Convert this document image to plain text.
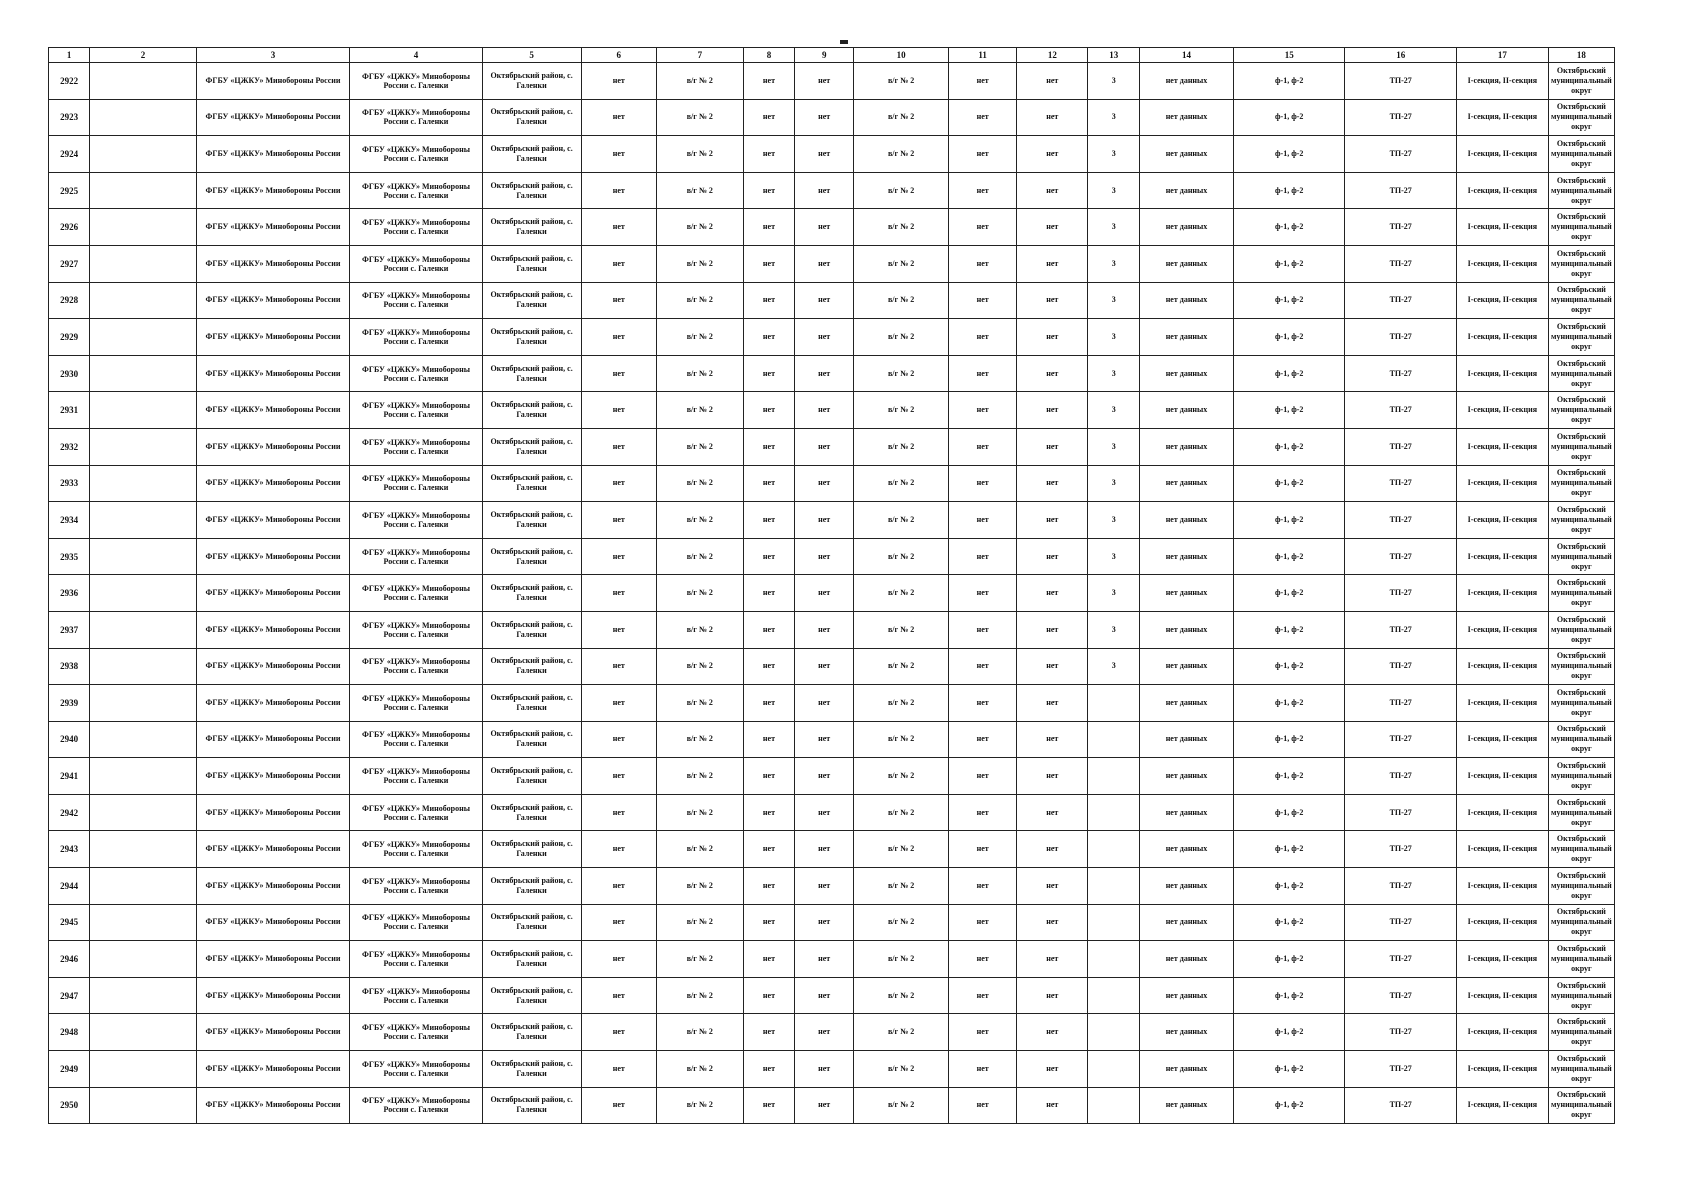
1	2	3	4	5	6	7	8	9	10	11	12	13	14	15	16	17	18
2922		ФГБУ «ЦЖКУ» Минобороны России	ФГБУ «ЦЖКУ» Минобороны России с. Галенки	Октябрьский район, с. Галенки	нет	в/г № 2	нет	нет	в/г № 2	нет	нет	3	нет данных	ф-1, ф-2	ТП-27	I-секция, II-секция	Октябрьский муниципальный округ
2923		ФГБУ «ЦЖКУ» Минобороны России	ФГБУ «ЦЖКУ» Минобороны России с. Галенки	Октябрьский район, с. Галенки	нет	в/г № 2	нет	нет	в/г № 2	нет	нет	3	нет данных	ф-1, ф-2	ТП-27	I-секция, II-секция	Октябрьский муниципальный округ
2924		ФГБУ «ЦЖКУ» Минобороны России	ФГБУ «ЦЖКУ» Минобороны России с. Галенки	Октябрьский район, с. Галенки	нет	в/г № 2	нет	нет	в/г № 2	нет	нет	3	нет данных	ф-1, ф-2	ТП-27	I-секция, II-секция	Октябрьский муниципальный округ
2925		ФГБУ «ЦЖКУ» Минобороны России	ФГБУ «ЦЖКУ» Минобороны России с. Галенки	Октябрьский район, с. Галенки	нет	в/г № 2	нет	нет	в/г № 2	нет	нет	3	нет данных	ф-1, ф-2	ТП-27	I-секция, II-секция	Октябрьский муниципальный округ
2926		ФГБУ «ЦЖКУ» Минобороны России	ФГБУ «ЦЖКУ» Минобороны России с. Галенки	Октябрьский район, с. Галенки	нет	в/г № 2	нет	нет	в/г № 2	нет	нет	3	нет данных	ф-1, ф-2	ТП-27	I-секция, II-секция	Октябрьский муниципальный округ
2927		ФГБУ «ЦЖКУ» Минобороны России	ФГБУ «ЦЖКУ» Минобороны России с. Галенки	Октябрьский район, с. Галенки	нет	в/г № 2	нет	нет	в/г № 2	нет	нет	3	нет данных	ф-1, ф-2	ТП-27	I-секция, II-секция	Октябрьский муниципальный округ
2928		ФГБУ «ЦЖКУ» Минобороны России	ФГБУ «ЦЖКУ» Минобороны России с. Галенки	Октябрьский район, с. Галенки	нет	в/г № 2	нет	нет	в/г № 2	нет	нет	3	нет данных	ф-1, ф-2	ТП-27	I-секция, II-секция	Октябрьский муниципальный округ
2929		ФГБУ «ЦЖКУ» Минобороны России	ФГБУ «ЦЖКУ» Минобороны России с. Галенки	Октябрьский район, с. Галенки	нет	в/г № 2	нет	нет	в/г № 2	нет	нет	3	нет данных	ф-1, ф-2	ТП-27	I-секция, II-секция	Октябрьский муниципальный округ
2930		ФГБУ «ЦЖКУ» Минобороны России	ФГБУ «ЦЖКУ» Минобороны России с. Галенки	Октябрьский район, с. Галенки	нет	в/г № 2	нет	нет	в/г № 2	нет	нет	3	нет данных	ф-1, ф-2	ТП-27	I-секция, II-секция	Октябрьский муниципальный округ
2931		ФГБУ «ЦЖКУ» Минобороны России	ФГБУ «ЦЖКУ» Минобороны России с. Галенки	Октябрьский район, с. Галенки	нет	в/г № 2	нет	нет	в/г № 2	нет	нет	3	нет данных	ф-1, ф-2	ТП-27	I-секция, II-секция	Октябрьский муниципальный округ
2932		ФГБУ «ЦЖКУ» Минобороны России	ФГБУ «ЦЖКУ» Минобороны России с. Галенки	Октябрьский район, с. Галенки	нет	в/г № 2	нет	нет	в/г № 2	нет	нет	3	нет данных	ф-1, ф-2	ТП-27	I-секция, II-секция	Октябрьский муниципальный округ
2933		ФГБУ «ЦЖКУ» Минобороны России	ФГБУ «ЦЖКУ» Минобороны России с. Галенки	Октябрьский район, с. Галенки	нет	в/г № 2	нет	нет	в/г № 2	нет	нет	3	нет данных	ф-1, ф-2	ТП-27	I-секция, II-секция	Октябрьский муниципальный округ
2934		ФГБУ «ЦЖКУ» Минобороны России	ФГБУ «ЦЖКУ» Минобороны России с. Галенки	Октябрьский район, с. Галенки	нет	в/г № 2	нет	нет	в/г № 2	нет	нет	3	нет данных	ф-1, ф-2	ТП-27	I-секция, II-секция	Октябрьский муниципальный округ
2935		ФГБУ «ЦЖКУ» Минобороны России	ФГБУ «ЦЖКУ» Минобороны России с. Галенки	Октябрьский район, с. Галенки	нет	в/г № 2	нет	нет	в/г № 2	нет	нет	3	нет данных	ф-1, ф-2	ТП-27	I-секция, II-секция	Октябрьский муниципальный округ
2936		ФГБУ «ЦЖКУ» Минобороны России	ФГБУ «ЦЖКУ» Минобороны России с. Галенки	Октябрьский район, с. Галенки	нет	в/г № 2	нет	нет	в/г № 2	нет	нет	3	нет данных	ф-1, ф-2	ТП-27	I-секция, II-секция	Октябрьский муниципальный округ
2937		ФГБУ «ЦЖКУ» Минобороны России	ФГБУ «ЦЖКУ» Минобороны России с. Галенки	Октябрьский район, с. Галенки	нет	в/г № 2	нет	нет	в/г № 2	нет	нет	3	нет данных	ф-1, ф-2	ТП-27	I-секция, II-секция	Октябрьский муниципальный округ
2938		ФГБУ «ЦЖКУ» Минобороны России	ФГБУ «ЦЖКУ» Минобороны России с. Галенки	Октябрьский район, с. Галенки	нет	в/г № 2	нет	нет	в/г № 2	нет	нет	3	нет данных	ф-1, ф-2	ТП-27	I-секция, II-секция	Октябрьский муниципальный округ
2939		ФГБУ «ЦЖКУ» Минобороны России	ФГБУ «ЦЖКУ» Минобороны России с. Галенки	Октябрьский район, с. Галенки	нет	в/г № 2	нет	нет	в/г № 2	нет	нет		нет данных	ф-1, ф-2	ТП-27	I-секция, II-секция	Октябрьский муниципальный округ
2940		ФГБУ «ЦЖКУ» Минобороны России	ФГБУ «ЦЖКУ» Минобороны России с. Галенки	Октябрьский район, с. Галенки	нет	в/г № 2	нет	нет	в/г № 2	нет	нет		нет данных	ф-1, ф-2	ТП-27	I-секция, II-секция	Октябрьский муниципальный округ
2941		ФГБУ «ЦЖКУ» Минобороны России	ФГБУ «ЦЖКУ» Минобороны России с. Галенки	Октябрьский район, с. Галенки	нет	в/г № 2	нет	нет	в/г № 2	нет	нет		нет данных	ф-1, ф-2	ТП-27	I-секция, II-секция	Октябрьский муниципальный округ
2942		ФГБУ «ЦЖКУ» Минобороны России	ФГБУ «ЦЖКУ» Минобороны России с. Галенки	Октябрьский район, с. Галенки	нет	в/г № 2	нет	нет	в/г № 2	нет	нет		нет данных	ф-1, ф-2	ТП-27	I-секция, II-секция	Октябрьский муниципальный округ
2943		ФГБУ «ЦЖКУ» Минобороны России	ФГБУ «ЦЖКУ» Минобороны России с. Галенки	Октябрьский район, с. Галенки	нет	в/г № 2	нет	нет	в/г № 2	нет	нет		нет данных	ф-1, ф-2	ТП-27	I-секция, II-секция	Октябрьский муниципальный округ
2944		ФГБУ «ЦЖКУ» Минобороны России	ФГБУ «ЦЖКУ» Минобороны России с. Галенки	Октябрьский район, с. Галенки	нет	в/г № 2	нет	нет	в/г № 2	нет	нет		нет данных	ф-1, ф-2	ТП-27	I-секция, II-секция	Октябрьский муниципальный округ
2945		ФГБУ «ЦЖКУ» Минобороны России	ФГБУ «ЦЖКУ» Минобороны России с. Галенки	Октябрьский район, с. Галенки	нет	в/г № 2	нет	нет	в/г № 2	нет	нет		нет данных	ф-1, ф-2	ТП-27	I-секция, II-секция	Октябрьский муниципальный округ
2946		ФГБУ «ЦЖКУ» Минобороны России	ФГБУ «ЦЖКУ» Минобороны России с. Галенки	Октябрьский район, с. Галенки	нет	в/г № 2	нет	нет	в/г № 2	нет	нет		нет данных	ф-1, ф-2	ТП-27	I-секция, II-секция	Октябрьский муниципальный округ
2947		ФГБУ «ЦЖКУ» Минобороны России	ФГБУ «ЦЖКУ» Минобороны России с. Галенки	Октябрьский район, с. Галенки	нет	в/г № 2	нет	нет	в/г № 2	нет	нет		нет данных	ф-1, ф-2	ТП-27	I-секция, II-секция	Октябрьский муниципальный округ
2948		ФГБУ «ЦЖКУ» Минобороны России	ФГБУ «ЦЖКУ» Минобороны России с. Галенки	Октябрьский район, с. Галенки	нет	в/г № 2	нет	нет	в/г № 2	нет	нет		нет данных	ф-1, ф-2	ТП-27	I-секция, II-секция	Октябрьский муниципальный округ
2949		ФГБУ «ЦЖКУ» Минобороны России	ФГБУ «ЦЖКУ» Минобороны России с. Галенки	Октябрьский район, с. Галенки	нет	в/г № 2	нет	нет	в/г № 2	нет	нет		нет данных	ф-1, ф-2	ТП-27	I-секция, II-секция	Октябрьский муниципальный округ
2950		ФГБУ «ЦЖКУ» Минобороны России	ФГБУ «ЦЖКУ» Минобороны России с. Галенки	Октябрьский район, с. Галенки	нет	в/г № 2	нет	нет	в/г № 2	нет	нет		нет данных	ф-1, ф-2	ТП-27	I-секция, II-секция	Октябрьский муниципальный округ
